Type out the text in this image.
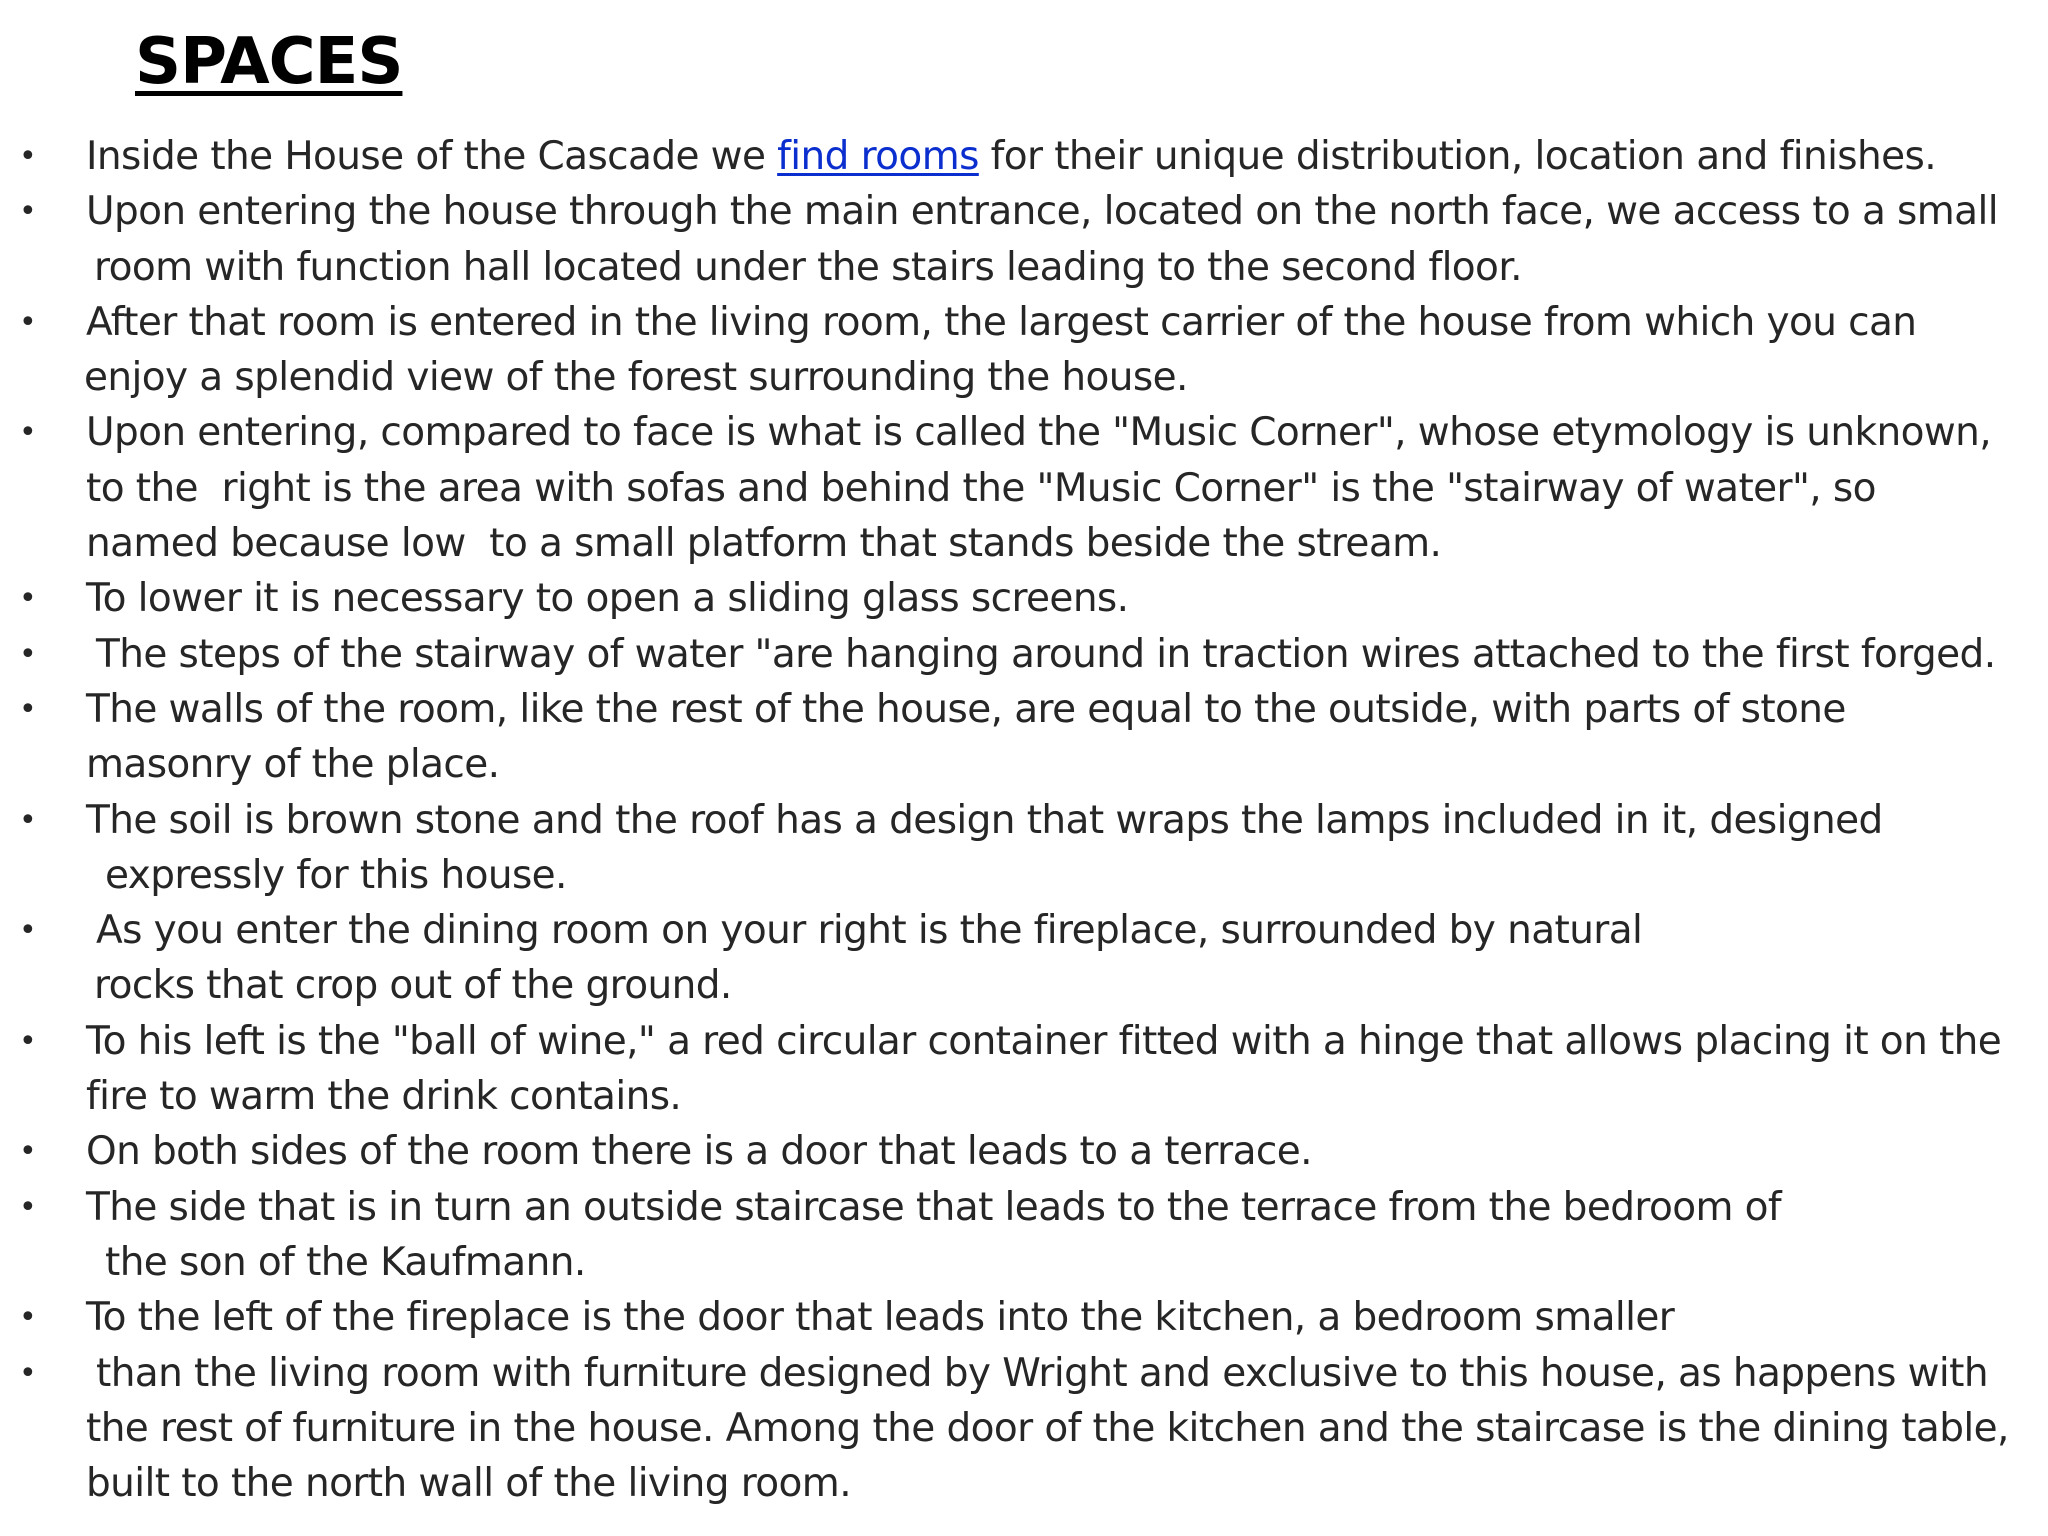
SPACES
• Inside the House of the Cascade we find rooms for their unique distribution, location and finishes.
• Upon entering the house through the main entrance, located on the north face, we access to a small
room with function hall located under the stairs leading to the second floor.
• After that room is entered in the living room, the largest carrier of the house from which you can
enjoy a splendid view of the forest surrounding the house.
• Upon entering, compared to face is what is called the "Music Corner", whose etymology is unknown,
to the  right is the area with sofas and behind the "Music Corner" is the "stairway of water", so
named because low  to a small platform that stands beside the stream.
• To lower it is necessary to open a sliding glass screens.
• The steps of the stairway of water "are hanging around in traction wires attached to the first forged.
• The walls of the room, like the rest of the house, are equal to the outside, with parts of stone
masonry of the place.
• The soil is brown stone and the roof has a design that wraps the lamps included in it, designed
expressly for this house.
• As you enter the dining room on your right is the fireplace, surrounded by natural
rocks that crop out of the ground.
• To his left is the "ball of wine," a red circular container fitted with a hinge that allows placing it on the
fire to warm the drink contains.
• On both sides of the room there is a door that leads to a terrace.
• The side that is in turn an outside staircase that leads to the terrace from the bedroom of
the son of the Kaufmann.
• To the left of the fireplace is the door that leads into the kitchen, a bedroom smaller
• than the living room with furniture designed by Wright and exclusive to this house, as happens with
the rest of furniture in the house. Among the door of the kitchen and the staircase is the dining table,
built to the north wall of the living room.
